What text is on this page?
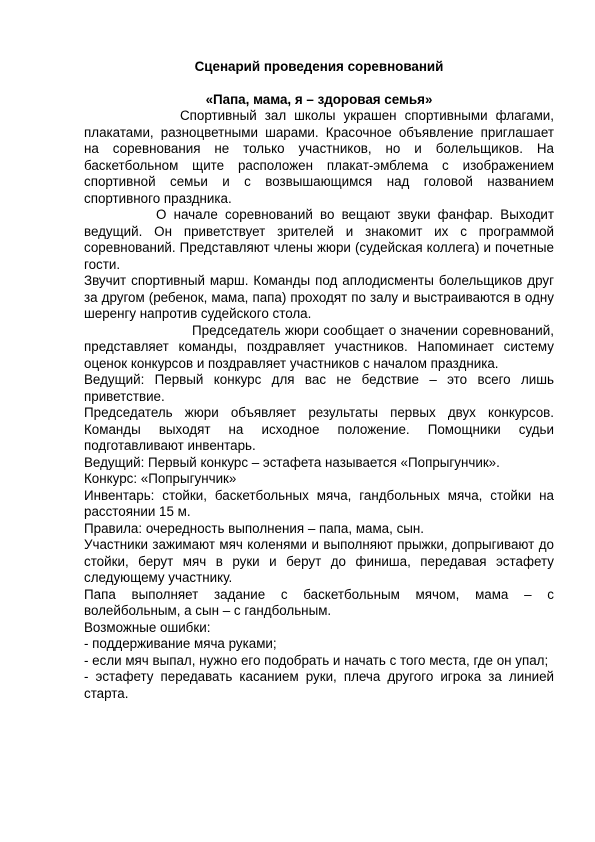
Сценарий проведения соревнований

«Папа, мама, я – здоровая семья»

Спортивный зал школы украшен спортивными флагами, плакатами, разноцветными шарами. Красочное объявление приглашает на соревнования не только участников, но и болельщиков. На баскетбольном щите расположен плакат-эмблема с изображением спортивной семьи и с возвышающимся над головой названием спортивного праздника.

О начале соревнований во вещают звуки фанфар. Выходит ведущий. Он приветствует зрителей и знакомит их с программой соревнований. Представляют члены жюри (судейская коллега) и почетные гости.

Звучит спортивный марш. Команды под аплодисменты болельщиков друг за другом (ребенок, мама, папа) проходят по залу и выстраиваются в одну шеренгу напротив судейского стола.

Председатель жюри сообщает о значении соревнований, представляет команды, поздравляет участников. Напоминает систему оценок конкурсов и поздравляет участников с началом праздника.

Ведущий: Первый конкурс для вас не бедствие – это всего лишь приветствие.

Председатель жюри объявляет результаты первых двух конкурсов. Команды выходят на исходное положение. Помощники судьи подготавливают инвентарь.

Ведущий: Первый конкурс – эстафета называется «Попрыгунчик».

Конкурс: «Попрыгунчик»

Инвентарь: стойки, баскетбольных мяча, гандбольных мяча, стойки на расстоянии 15 м.

Правила: очередность выполнения – папа, мама, сын.

Участники зажимают мяч коленями и выполняют прыжки, допрыгивают до стойки, берут мяч в руки и берут до финиша, передавая эстафету следующему участнику.

Папа выполняет задание с баскетбольным мячом, мама – с волейбольным, а сын – с гандбольным.

Возможные ошибки:

- поддерживание мяча руками;

- если мяч выпал, нужно его подобрать и начать с того места, где он упал;

- эстафету передавать касанием руки, плеча другого игрока за линией старта.
